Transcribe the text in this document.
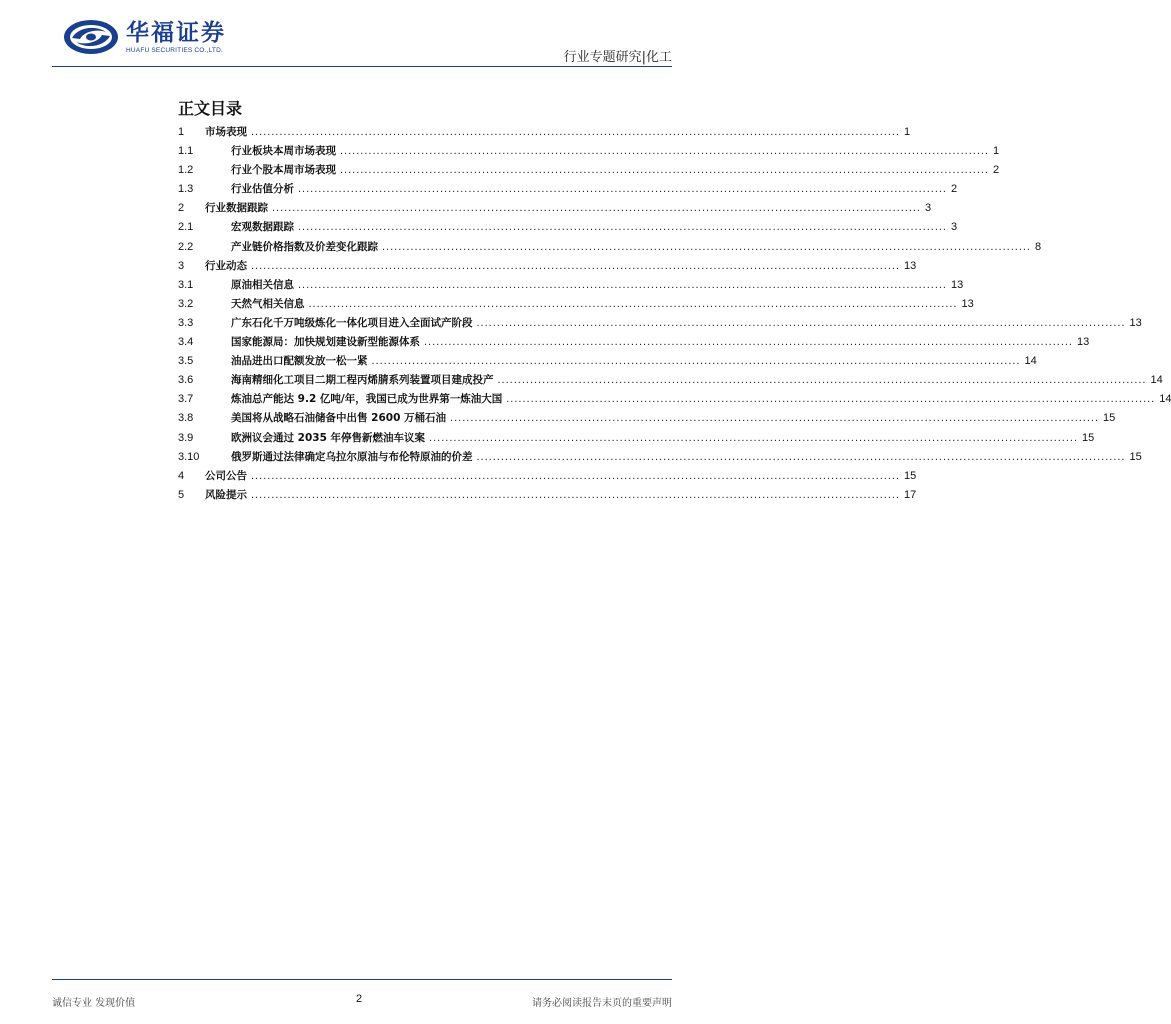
华福证券
HUAFU SECURITIES CO.,LTD.	行业专题研究|化工
正文目录
1	市场表现 ................................................................................................................................................................ 1
1.1	行业板块本周市场表现 ................................................................................................................................................................ 1
1.2	行业个股本周市场表现 ................................................................................................................................................................ 2
1.3	行业估值分析 ................................................................................................................................................................ 2
2	行业数据跟踪 ................................................................................................................................................................ 3
2.1	宏观数据跟踪 ................................................................................................................................................................ 3
2.2	产业链价格指数及价差变化跟踪 ................................................................................................................................................................ 8
3	行业动态 ................................................................................................................................................................ 13
3.1	原油相关信息 ................................................................................................................................................................ 13
3.2	天然气相关信息 ................................................................................................................................................................ 13
3.3	广东石化千万吨级炼化一体化项目进入全面试产阶段 ................................................................................................................................................................ 13
3.4	国家能源局：加快规划建设新型能源体系 ................................................................................................................................................................ 13
3.5	油品进出口配额发放一松一紧 ................................................................................................................................................................ 14
3.6	海南精细化工项目二期工程丙烯腈系列装置项目建成投产 ................................................................................................................................................................ 14
3.7	炼油总产能达 9.2 亿吨/年，我国已成为世界第一炼油大国 ................................................................................................................................................................ 14
3.8	美国将从战略石油储备中出售 2600 万桶石油 ................................................................................................................................................................ 15
3.9	欧洲议会通过 2035 年停售新燃油车议案 ................................................................................................................................................................ 15
3.10	俄罗斯通过法律确定乌拉尔原油与布伦特原油的价差 ................................................................................................................................................................ 15
4	公司公告 ................................................................................................................................................................ 15
5	风险提示 ................................................................................................................................................................ 17
诚信专业 发现价值	2	请务必阅读报告末页的重要声明
